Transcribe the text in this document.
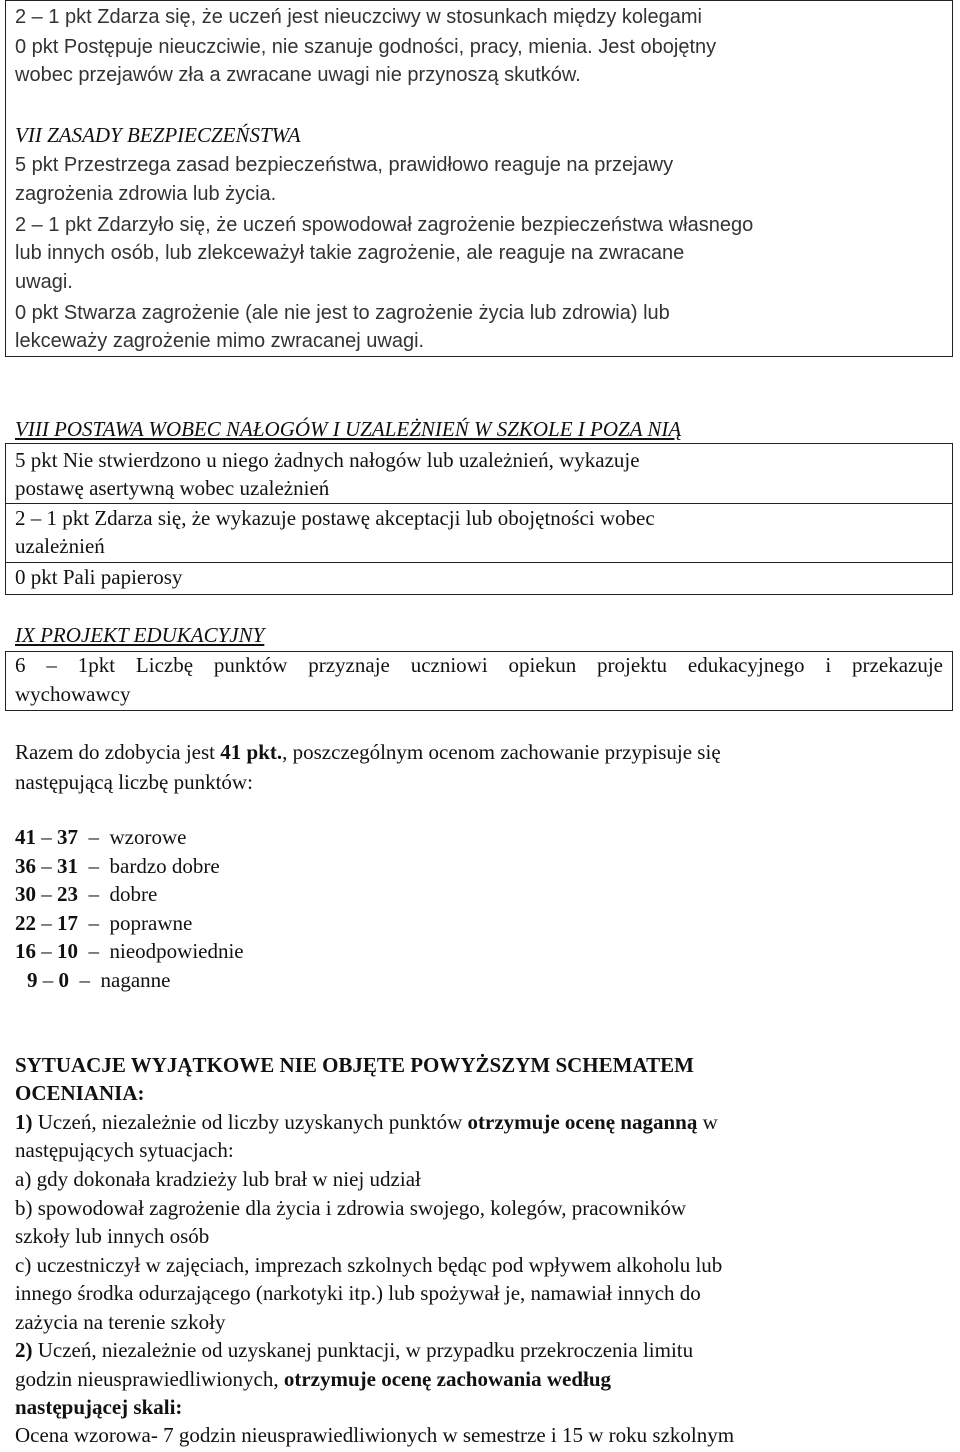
2 – 1 pkt Zdarza się, że uczeń jest nieuczciwy w stosunkach między kolegami
0 pkt Postępuje nieuczciwie, nie szanuje godności, pracy, mienia. Jest obojętny
wobec przejawów zła a zwracane uwagi nie przynoszą skutków.
VII ZASADY BEZPIECZEŃSTWA
5 pkt Przestrzega zasad bezpieczeństwa, prawidłowo reaguje na przejawy
zagrożenia zdrowia lub życia.
2 – 1 pkt Zdarzyło się, że uczeń spowodował zagrożenie bezpieczeństwa własnego
lub innych osób, lub zlekceważył takie zagrożenie, ale reaguje na zwracane
uwagi.
0 pkt Stwarza zagrożenie (ale nie jest to zagrożenie życia lub zdrowia) lub
lekceważy zagrożenie mimo zwracanej uwagi.
VIII POSTAWA WOBEC NAŁOGÓW I UZALEŻNIEŃ W SZKOLE I POZA NIĄ
5 pkt Nie stwierdzono u niego żadnych nałogów lub uzależnień, wykazuje
postawę asertywną wobec uzależnień
2 – 1 pkt Zdarza się, że wykazuje postawę akceptacji lub obojętności wobec
uzależnień
0 pkt Pali papierosy
IX PROJEKT EDUKACYJNY
6 – 1pkt Liczbę punktów przyznaje uczniowi opiekun projektu edukacyjnego i przekazuje
wychowawcy
Razem do zdobycia jest 41 pkt., poszczególnym ocenom zachowanie przypisuje się
następującą liczbę punktów:
41 – 37  –  wzorowe
36 – 31  –  bardzo dobre
30 – 23  –  dobre
22 – 17  –  poprawne
16 – 10  –  nieodpowiednie
9 – 0  –  naganne
SYTUACJE WYJĄTKOWE NIE OBJĘTE POWYŻSZYM SCHEMATEM
OCENIANIA:
1) Uczeń, niezależnie od liczby uzyskanych punktów otrzymuje ocenę naganną w
następujących sytuacjach:
a) gdy dokonała kradzieży lub brał w niej udział
b) spowodował zagrożenie dla życia i zdrowia swojego, kolegów, pracowników
szkoły lub innych osób
c) uczestniczył w zajęciach, imprezach szkolnych będąc pod wpływem alkoholu lub
innego środka odurzającego (narkotyki itp.) lub spożywał je, namawiał innych do
zażycia na terenie szkoły
2) Uczeń, niezależnie od uzyskanej punktacji, w przypadku przekroczenia limitu
godzin nieusprawiedliwionych, otrzymuje ocenę zachowania według
następującej skali:
Ocena wzorowa- 7 godzin nieusprawiedliwionych w semestrze i 15 w roku szkolnym
